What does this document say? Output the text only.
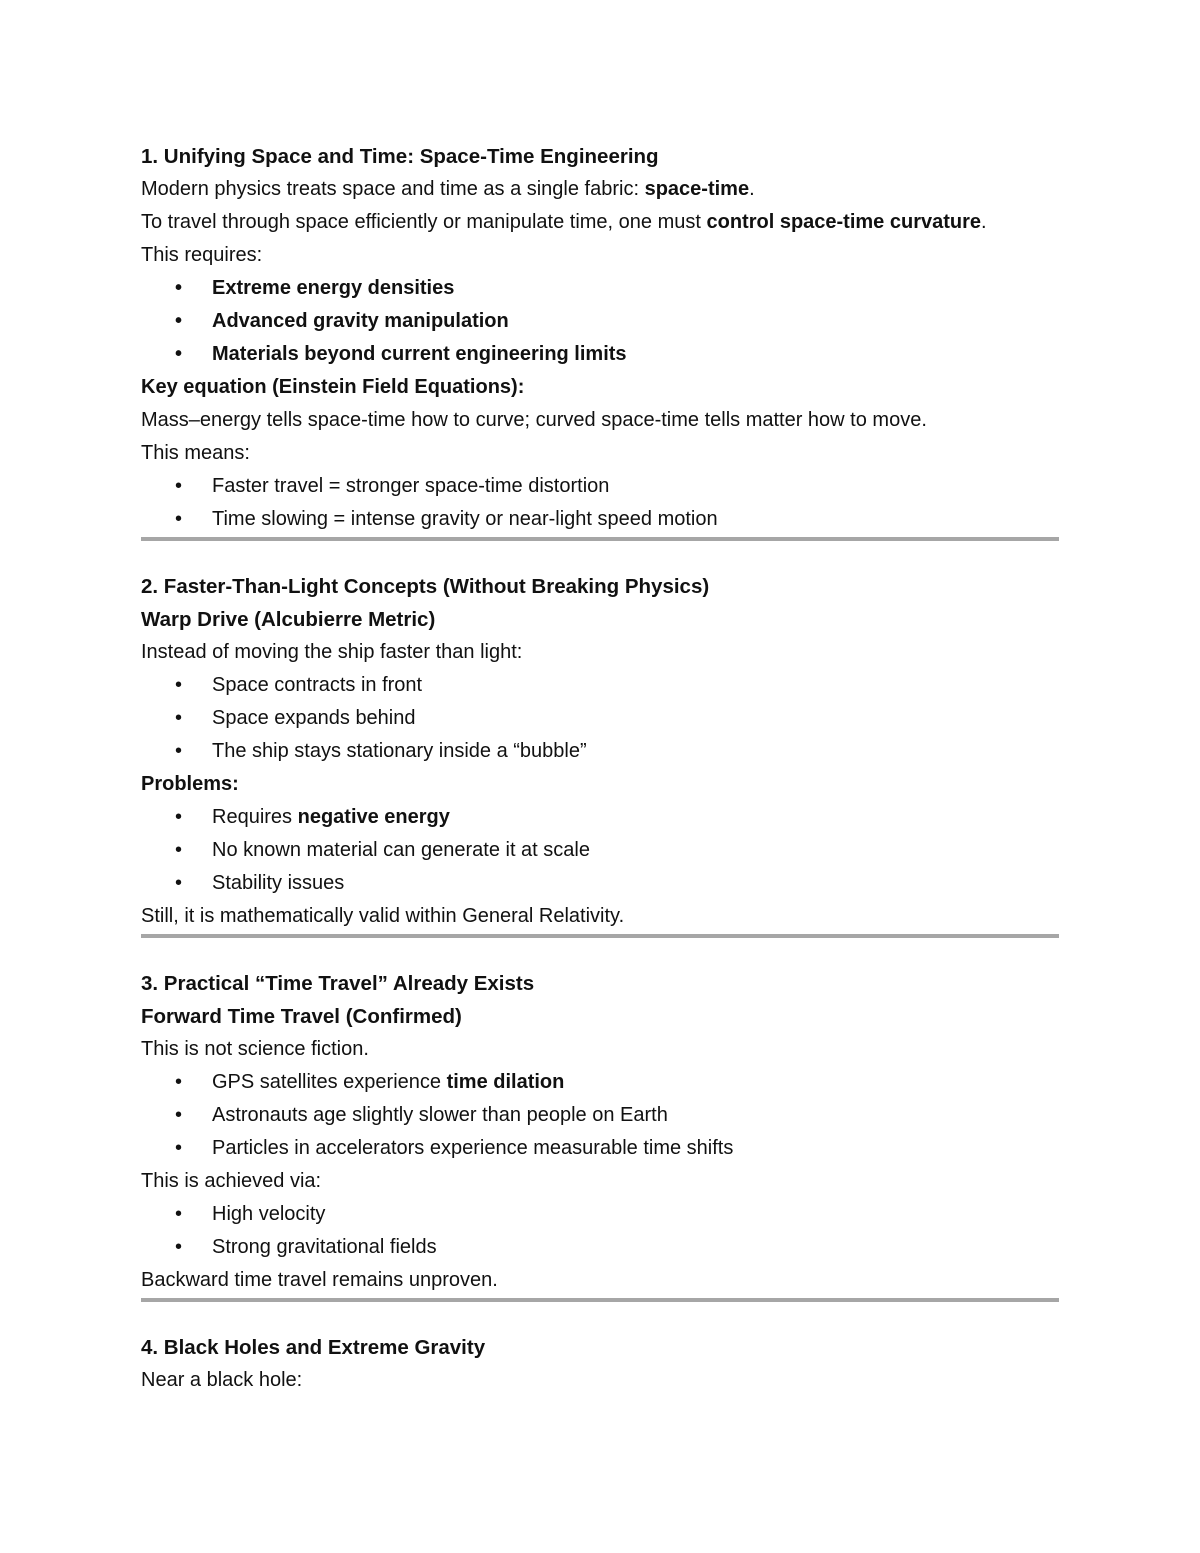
1. Unifying Space and Time: Space-Time Engineering
Modern physics treats space and time as a single fabric: space-time.
To travel through space efficiently or manipulate time, one must control space-time curvature.
This requires:
• Extreme energy densities
• Advanced gravity manipulation
• Materials beyond current engineering limits
Key equation (Einstein Field Equations):
Mass–energy tells space-time how to curve; curved space-time tells matter how to move.
This means:
• Faster travel = stronger space-time distortion
• Time slowing = intense gravity or near-light speed motion
2. Faster-Than-Light Concepts (Without Breaking Physics)
Warp Drive (Alcubierre Metric)
Instead of moving the ship faster than light:
• Space contracts in front
• Space expands behind
• The ship stays stationary inside a “bubble”
Problems:
• Requires negative energy
• No known material can generate it at scale
• Stability issues
Still, it is mathematically valid within General Relativity.
3. Practical “Time Travel” Already Exists
Forward Time Travel (Confirmed)
This is not science fiction.
• GPS satellites experience time dilation
• Astronauts age slightly slower than people on Earth
• Particles in accelerators experience measurable time shifts
This is achieved via:
• High velocity
• Strong gravitational fields
Backward time travel remains unproven.
4. Black Holes and Extreme Gravity
Near a black hole:
